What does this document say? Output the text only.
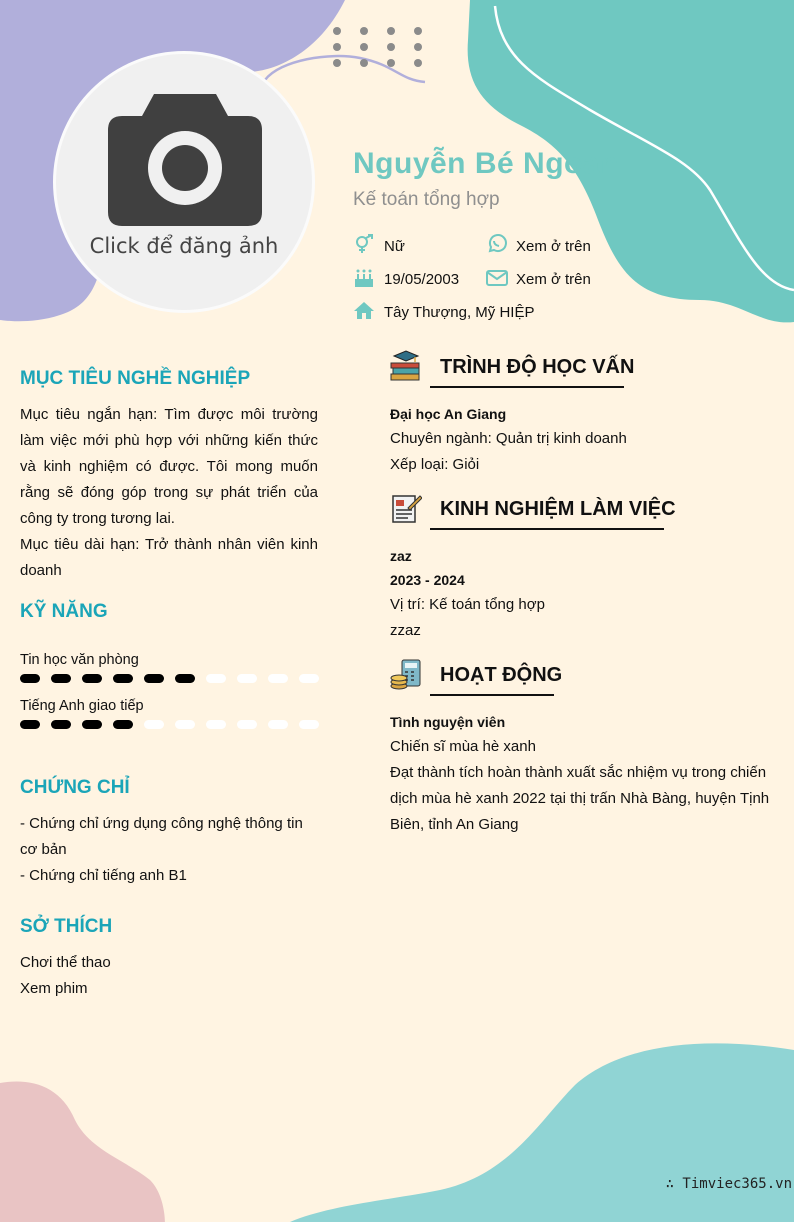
Click để đăng ảnh
Nguyễn Bé Ngoan
Kế toán tổng hợp
Nữ	Xem ở trên
19/05/2003	Xem ở trên
Tây Thượng, Mỹ HIỆP
MỤC TIÊU NGHỀ NGHIỆP
Mục tiêu ngắn hạn: Tìm được môi trường làm việc mới phù hợp với những kiến thức và kinh nghiệm có được. Tôi mong muốn rằng sẽ đóng góp trong sự phát triển của công ty trong tương lai.
Mục tiêu dài hạn: Trở thành nhân viên kinh doanh
KỸ NĂNG
Tin học văn phòng
Tiếng Anh giao tiếp
CHỨNG CHỈ
- Chứng chỉ ứng dụng công nghệ thông tin cơ bản
- Chứng chỉ tiếng anh B1
SỞ THÍCH
Chơi thể thao
Xem phim
TRÌNH ĐỘ HỌC VẤN
Đại học An Giang
Chuyên ngành: Quản trị kinh doanh
Xếp loại: Giỏi
KINH NGHIỆM LÀM VIỆC
zaz
2023 - 2024
Vị trí: Kế toán tổng hợp
zzaz
HOẠT ĐỘNG
Tình nguyện viên
Chiến sĩ mùa hè xanh
Đạt thành tích hoàn thành xuất sắc nhiệm vụ trong chiến dịch mùa hè xanh 2022 tại thị trấn Nhà Bàng, huyện Tịnh Biên, tỉnh An Giang
∴ Timviec365.vn
